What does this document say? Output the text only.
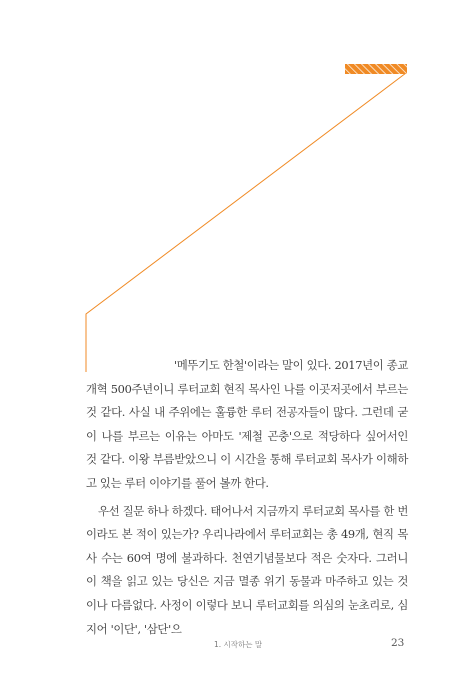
'메뚜기도 한철'이라는 말이 있다. 2017년이 종교개혁 500주년이니 루터교회 현직 목사인 나를 이곳저곳에서 부르는 것 같다. 사실 내 주위에는 훌륭한 루터 전공자들이 많다. 그런데 굳이 나를 부르는 이유는 아마도 '제철 곤충'으로 적당하다 싶어서인 것 같다. 이왕 부름받았으니 이 시간을 통해 루터교회 목사가 이해하고 있는 루터 이야기를 풀어 볼까 한다.

우선 질문 하나 하겠다. 태어나서 지금까지 루터교회 목사를 한 번이라도 본 적이 있는가? 우리나라에서 루터교회는 총 49개, 현직 목사 수는 60여 명에 불과하다. 천연기념물보다 적은 숫자다. 그러니 이 책을 읽고 있는 당신은 지금 멸종 위기 동물과 마주하고 있는 것이나 다름없다. 사정이 이렇다 보니 루터교회를 의심의 눈초리로, 심지어 '이단', '삼단'으

1. 시작하는 말	23
